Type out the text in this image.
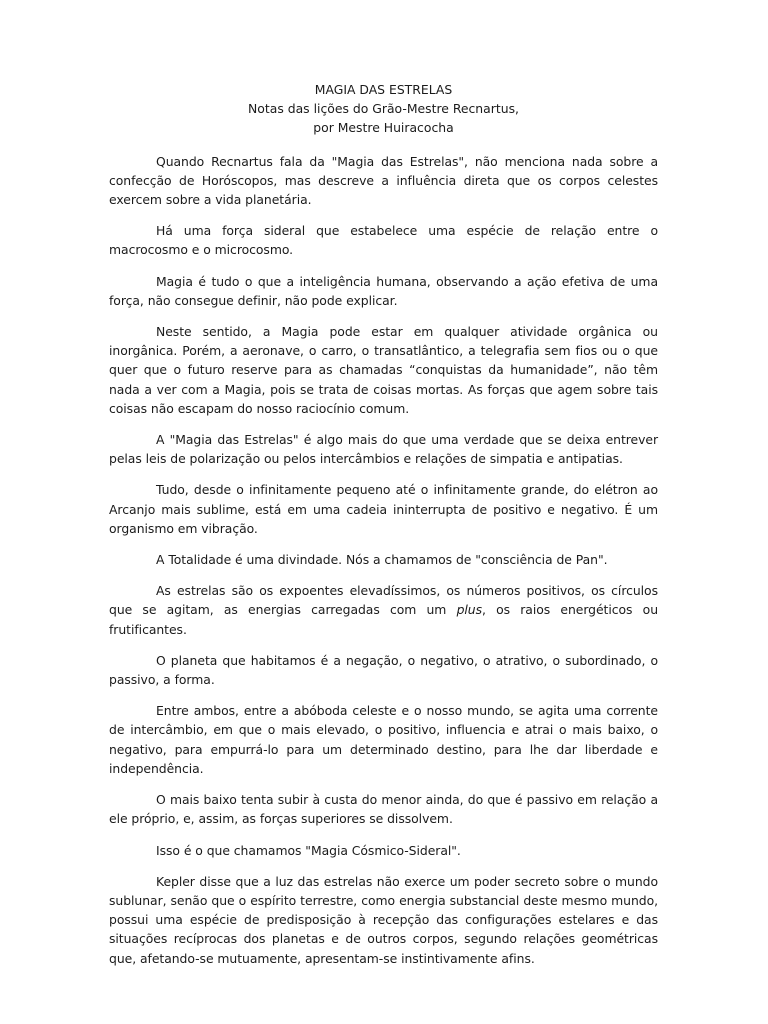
MAGIA DAS ESTRELAS
Notas das lições do Grão-Mestre Recnartus,
por Mestre Huiracocha

Quando Recnartus fala da "Magia das Estrelas", não menciona nada sobre a confecção de Horóscopos, mas descreve a influência direta que os corpos celestes exercem sobre a vida planetária.

Há uma força sideral que estabelece uma espécie de relação entre o macrocosmo e o microcosmo.

Magia é tudo o que a inteligência humana, observando a ação efetiva de uma força, não consegue definir, não pode explicar.

Neste sentido, a Magia pode estar em qualquer atividade orgânica ou inorgânica. Porém, a aeronave, o carro, o transatlântico, a telegrafia sem fios ou o que quer que o futuro reserve para as chamadas “conquistas da humanidade”, não têm nada a ver com a Magia, pois se trata de coisas mortas. As forças que agem sobre tais coisas não escapam do nosso raciocínio comum.

A "Magia das Estrelas" é algo mais do que uma verdade que se deixa entrever pelas leis de polarização ou pelos intercâmbios e relações de simpatia e antipatias.

Tudo, desde o infinitamente pequeno até o infinitamente grande, do elétron ao Arcanjo mais sublime, está em uma cadeia ininterrupta de positivo e negativo. É um organismo em vibração.

A Totalidade é uma divindade. Nós a chamamos de "consciência de Pan".

As estrelas são os expoentes elevadíssimos, os números positivos, os círculos que se agitam, as energias carregadas com um plus, os raios energéticos ou frutificantes.

O planeta que habitamos é a negação, o negativo, o atrativo, o subordinado, o passivo, a forma.

Entre ambos, entre a abóboda celeste e o nosso mundo, se agita uma corrente de intercâmbio, em que o mais elevado, o positivo, influencia e atrai o mais baixo, o negativo, para empurrá-lo para um determinado destino, para lhe dar liberdade e independência.

O mais baixo tenta subir à custa do menor ainda, do que é passivo em relação a ele próprio, e, assim, as forças superiores se dissolvem.

Isso é o que chamamos "Magia Cósmico-Sideral".

Kepler disse que a luz das estrelas não exerce um poder secreto sobre o mundo sublunar, senão que o espírito terrestre, como energia substancial deste mesmo mundo, possui uma espécie de predisposição à recepção das configurações estelares e das situações recíprocas dos planetas e de outros corpos, segundo relações geométricas que, afetando-se mutuamente, apresentam-se instintivamente afins.
